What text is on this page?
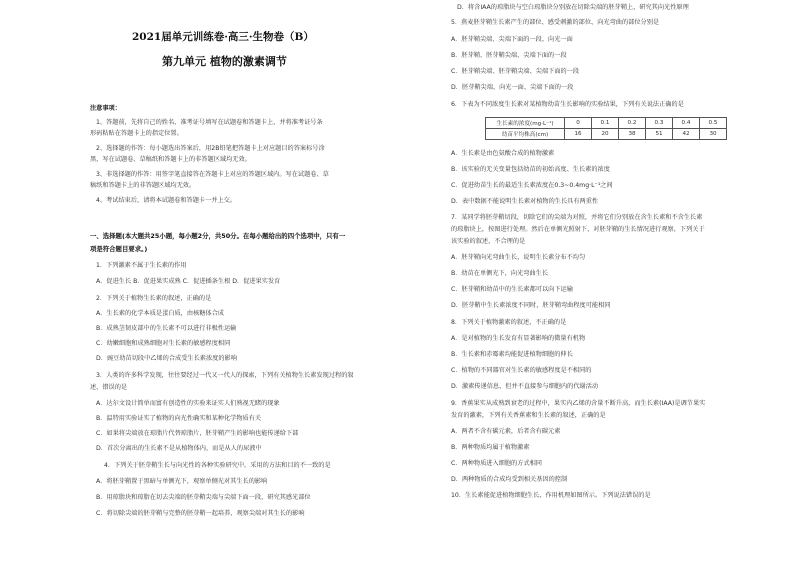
2021届单元训练卷·高三·生物卷（B）
第九单元 植物的激素调节
注意事项：
1、答题前，先将自己的姓名、准考证号填写在试题卷和答题卡上，并将准考证号条
形码粘贴在答题卡上的指定位置。
2、选择题的作答：每小题选出答案后，用2B铅笔把答题卡上对应题目的答案标号涂
黑，写在试题卷、草稿纸和答题卡上的非答题区域均无效。
3、非选择题的作答：用签字笔直接答在答题卡上对应的答题区域内。写在试题卷、草
稿纸和答题卡上的非答题区域均无效。
4、考试结束后，请将本试题卷和答题卡一并上交。
一、选择题(本大题共25小题，每小题2分，共50分。在每小题给出的四个选项中，只有一
项是符合题目要求。)
1．下列激素不属于生长素的作用
A．促进生长 B．促进果实成熟 C．促进插条生根 D．促进果实发育
2．下列关于植物生长素的叙述，正确的是
A．生长素的化学本质是蛋白质，由核糖体合成
B．成熟茎韧皮部中的生长素不可以进行非极性运输
C．幼嫩细胞和成熟细胞对生长素的敏感程度相同
D．豌豆幼苗切段中乙烯的合成受生长素浓度的影响
3．人类的许多科学发现，往往要经过一代又一代人的探索，下列有关植物生长素发现过程的叙
述，错误的是
A．达尔文设计简单而富有创造性的实验来证实人们熟视无睹的现象
B．温特用实验证实了植物的向光性确实和某种化学物质有关
C．如果将尖端放在琼脂片代替琼脂片，胚芽鞘产生的影响也能传递给下部
D．首次分离出的生长素不是从植物体内，而是从人的尿液中
4．下列关于胚芽鞘生长与向光性的各种实验研究中，采用的方法和目的不一致的是
A．将胚芽鞘置于黑暗与单侧光下，观察单侧光对其生长的影响
B．用琼脂块和琼脂在切去尖端的胚芽鞘尖端与尖端下面一段，研究其感光部位
C．将切除尖端的胚芽鞘与完整的胚芽鞘一起培养，观察尖端对其生长的影响
D．将含IAA的琼脂块与空白琼脂块分别放在切除尖端的胚芽鞘上，研究其向光性原理
5．燕麦胚芽鞘生长素产生的部位、感受刺激的部位、向光弯曲的部位分别是
A．胚芽鞘尖端、尖端下面的一段、向光一面
B．胚芽鞘、胚芽鞘尖端、尖端下面的一段
C．胚芽鞘尖端、胚芽鞘尖端、尖端下面的一段
D．胚芽鞘尖端、向光一面、尖端下面的一段
6．下表为不同浓度生长素对某植物幼苗生长影响的实验结果，下列有关说法正确的是
生长素的浓度(mg·L⁻¹)	0	0.1	0.2	0.3	0.4	0.5
幼苗平均株高(cm)	16	20	38	51	42	30
A．生长素是由色氨酸合成的植物激素
B．该实验的无关变量包括幼苗的初始高度、生长素的浓度
C．促进幼苗生长的最适生长素浓度在0.3~0.4mg·L⁻¹之间
D．表中数据不能说明生长素对植物的生长具有两重性
7．某同学将胚芽鞘切段，切除它们的尖端为对照，并将它们分别放在含生长素和不含生长素
的琼脂块上，按图进行处理。然后在单侧光照射下，对胚芽鞘的生长情况进行观察，下列关于
该实验的叙述，不合理的是
A．胚芽鞘向光弯曲生长，说明生长素分布不均匀
B．幼苗在单侧光下，向光弯曲生长
C．胚芽鞘和幼苗中的生长素都可以向下运输
D．胚芽鞘中生长素浓度不同时，胚芽鞘弯曲程度可能相同
8．下列关于植物激素的叙述，不正确的是
A．是对植物的生长发育有显著影响的微量有机物
B．生长素和赤霉素均能促进植物细胞的伸长
C．植物的不同器官对生长素的敏感程度是不相同的
D．激素传递信息，但并不直接参与细胞内的代谢活动
9．香蕉果实从成熟到衰老的过程中，果实内乙烯的含量不断升高，而生长素(IAA)是调节果实
发育的激素，下列有关香蕉素和生长素的叙述，正确的是
A．两者不含有碳元素，后者含有碳元素
B．两种物质均属于植物激素
C．两种物质进入细胞的方式相同
D．两种物质的合成均受到相关基因的控制
10．生长素能促进植物细胞生长，作用机理如图所示。下列说法错误的是
